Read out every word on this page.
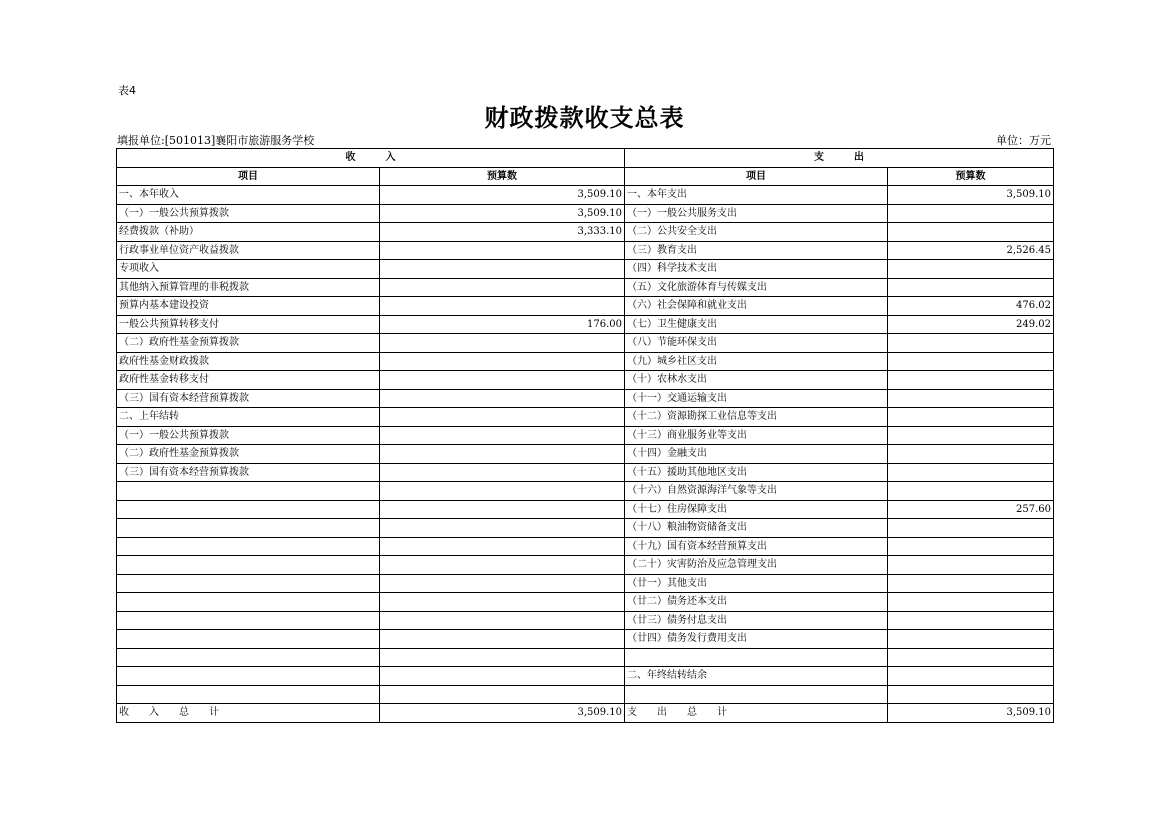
表4
财政拨款收支总表
填报单位:[501013]襄阳市旅游服务学校	单位：万元
收　　　入		支　　　出	
项目	预算数	项目	预算数
一、本年收入	3,509.10	一、本年支出	3,509.10
（一）一般公共预算拨款	3,509.10	（一）一般公共服务支出	
经费拨款（补助）	3,333.10	（二）公共安全支出	
行政事业单位资产收益拨款		（三）教育支出	2,526.45
专项收入		（四）科学技术支出	
其他纳入预算管理的非税拨款		（五）文化旅游体育与传媒支出	
预算内基本建设投资		（六）社会保障和就业支出	476.02
一般公共预算转移支付	176.00	（七）卫生健康支出	249.02
（二）政府性基金预算拨款		（八）节能环保支出	
政府性基金财政拨款		（九）城乡社区支出	
政府性基金转移支付		（十）农林水支出	
（三）国有资本经营预算拨款		（十一）交通运输支出	
二、上年结转		（十二）资源勘探工业信息等支出	
（一）一般公共预算拨款		（十三）商业服务业等支出	
（二）政府性基金预算拨款		（十四）金融支出	
（三）国有资本经营预算拨款		（十五）援助其他地区支出	
		（十六）自然资源海洋气象等支出	
		（十七）住房保障支出	257.60
		（十八）粮油物资储备支出	
		（十九）国有资本经营预算支出	
		（二十）灾害防治及应急管理支出	
		（廿一）其他支出	
		（廿二）债务还本支出	
		（廿三）债务付息支出	
		（廿四）债务发行费用支出	

		二、年终结转结余	

收　　入　　总　　计	3,509.10	支　　出　　总　　计	3,509.10
